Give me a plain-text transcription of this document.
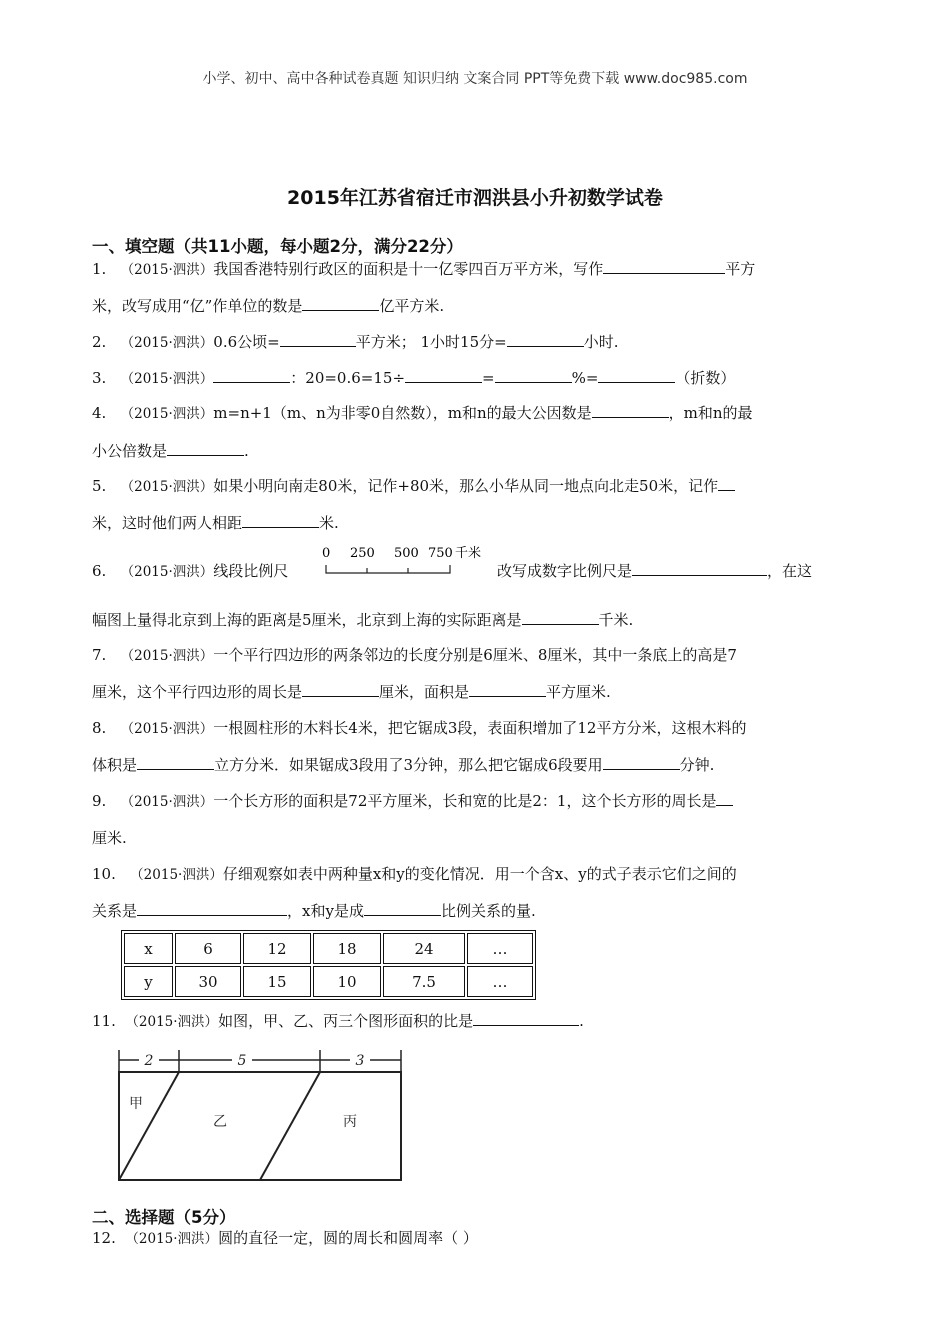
小学、初中、高中各种试卷真题 知识归纳 文案合同 PPT等免费下载 www.doc985.com
2015年江苏省宿迁市泗洪县小升初数学试卷
一、填空题（共11小题，每小题2分，满分22分）
1. （2015·泗洪）我国香港特别行政区的面积是十一亿零四百万平方米，写作	平方
米，改写成用“亿”作单位的数是	亿平方米.
2. （2015·泗洪）0.6公顷=	平方米； 1小时15分=	小时.
3. （2015·泗洪）	：20=0.6=15÷	=	%=	（折数）
4. （2015·泗洪）m=n+1（m、n为非零0自然数），m和n的最大公因数是	，m和n的最
小公倍数是	.
5. （2015·泗洪）如果小明向南走80米，记作+80米，那么小华从同一地点向北走50米，记作
米，这时他们两人相距	米.
6. （2015·泗洪）线段比例尺
0 250 500 750 千米
改写成数字比例尺是	，在这
幅图上量得北京到上海的距离是5厘米，北京到上海的实际距离是	千米.
7. （2015·泗洪）一个平行四边形的两条邻边的长度分别是6厘米、8厘米，其中一条底上的高是7
厘米，这个平行四边形的周长是	厘米，面积是	平方厘米.
8. （2015·泗洪）一根圆柱形的木料长4米，把它锯成3段，表面积增加了12平方分米，这根木料的
体积是	立方分米．如果锯成3段用了3分钟，那么把它锯成6段要用	分钟.
9. （2015·泗洪）一个长方形的面积是72平方厘米，长和宽的比是2：1，这个长方形的周长是
厘米.
10. （2015·泗洪）仔细观察如表中两种量x和y的变化情况．用一个含x、y的式子表示它们之间的
关系是	，x和y是成	比例关系的量.
x	6	12	18	24	…
y	30	15	10	7.5	…
11. （2015·泗洪）如图，甲、乙、丙三个图形面积的比是	.
2	5	3
甲
乙	丙
二、选择题（5分）
12. （2015·泗洪）圆的直径一定，圆的周长和圆周率（ ）
